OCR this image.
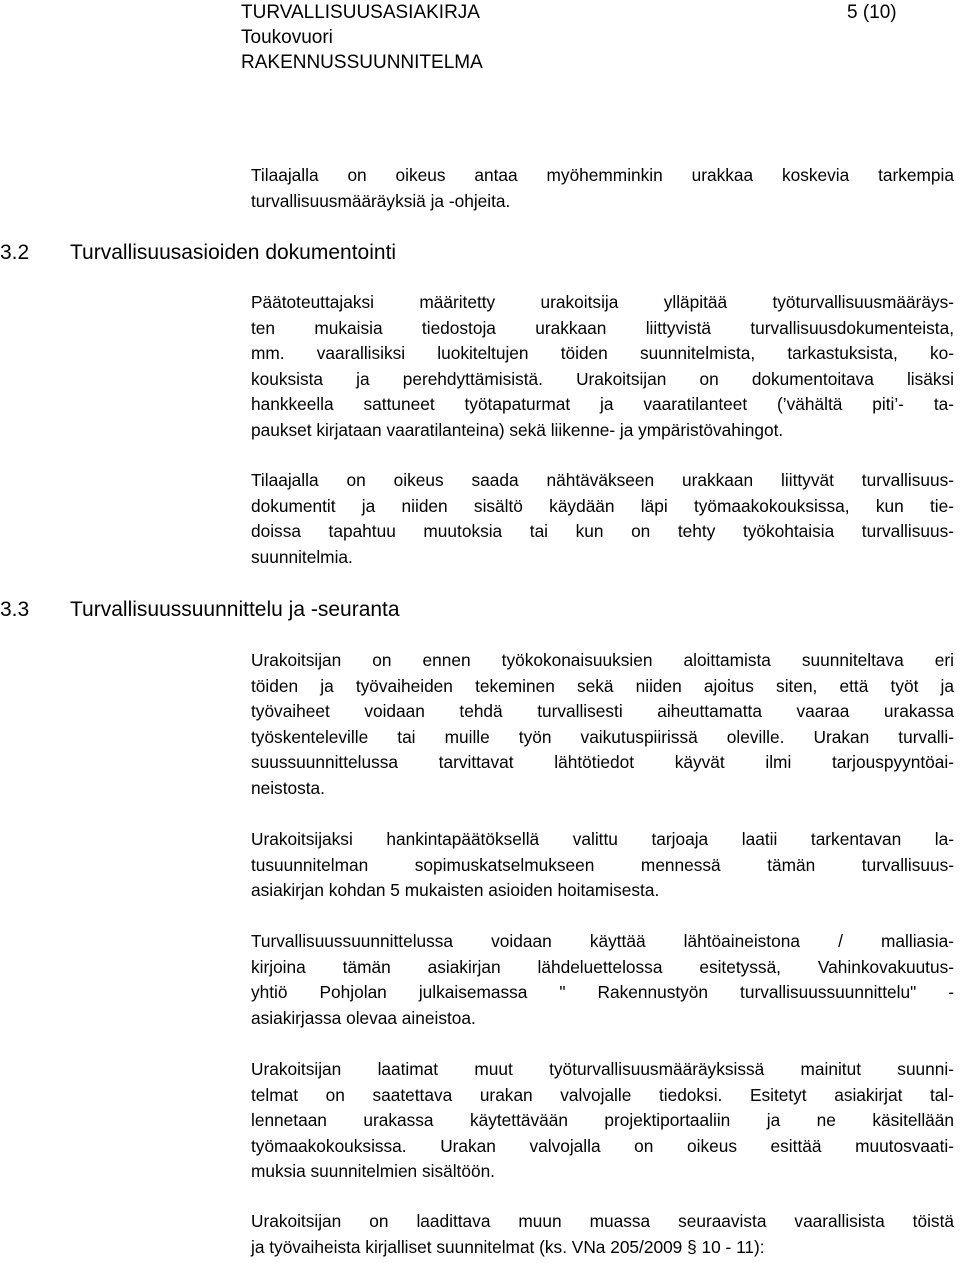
TURVALLISUUSASIAKIRJA
Toukovuori
RAKENNUSSUUNNITELMA
5 (10)

Tilaajalla on oikeus antaa myöhemminkin urakkaa koskevia tarkempia
turvallisuusmääräyksiä ja -ohjeita.

3.2 Turvallisuusasioiden dokumentointi

Päätoteuttajaksi määritetty urakoitsija ylläpitää työturvallisuusmääräys-
ten mukaisia tiedostoja urakkaan liittyvistä turvallisuusdokumenteista,
mm. vaarallisiksi luokiteltujen töiden suunnitelmista, tarkastuksista, ko-
kouksista ja perehdyttämisistä. Urakoitsijan on dokumentoitava lisäksi
hankkeella sattuneet työtapaturmat ja vaaratilanteet (’vähältä piti’- ta-
paukset kirjataan vaaratilanteina) sekä liikenne- ja ympäristövahingot.

Tilaajalla on oikeus saada nähtäväkseen urakkaan liittyvät turvallisuus-
dokumentit ja niiden sisältö käydään läpi työmaakokouksissa, kun tie-
doissa tapahtuu muutoksia tai kun on tehty työkohtaisia turvallisuus-
suunnitelmia.

3.3 Turvallisuussuunnittelu ja -seuranta

Urakoitsijan on ennen työkokonaisuuksien aloittamista suunniteltava eri
töiden ja työvaiheiden tekeminen sekä niiden ajoitus siten, että työt ja
työvaiheet voidaan tehdä turvallisesti aiheuttamatta vaaraa urakassa
työskenteleville tai muille työn vaikutuspiirissä oleville. Urakan turvalli-
suussuunnittelussa tarvittavat lähtötiedot käyvät ilmi tarjouspyyntöai-
neistosta.

Urakoitsijaksi hankintapäätöksellä valittu tarjoaja laatii tarkentavan la-
tusuunnitelman sopimuskatselmukseen mennessä tämän turvallisuus-
asiakirjan kohdan 5 mukaisten asioiden hoitamisesta.

Turvallisuussuunnittelussa voidaan käyttää lähtöaineistona / malliasia-
kirjoina tämän asiakirjan lähdeluettelossa esitetyssä, Vahinkovakuutus-
yhtiö Pohjolan julkaisemassa " Rakennustyön turvallisuussuunnittelu" -
asiakirjassa olevaa aineistoa.

Urakoitsijan laatimat muut työturvallisuusmääräyksissä mainitut suunni-
telmat on saatettava urakan valvojalle tiedoksi. Esitetyt asiakirjat tal-
lennetaan urakassa käytettävään projektiportaaliin ja ne käsitellään
työmaakokouksissa. Urakan valvojalla on oikeus esittää muutosvaati-
muksia suunnitelmien sisältöön.

Urakoitsijan on laadittava muun muassa seuraavista vaarallisista töistä
ja työvaiheista kirjalliset suunnitelmat (ks. VNa 205/2009 § 10 - 11):
